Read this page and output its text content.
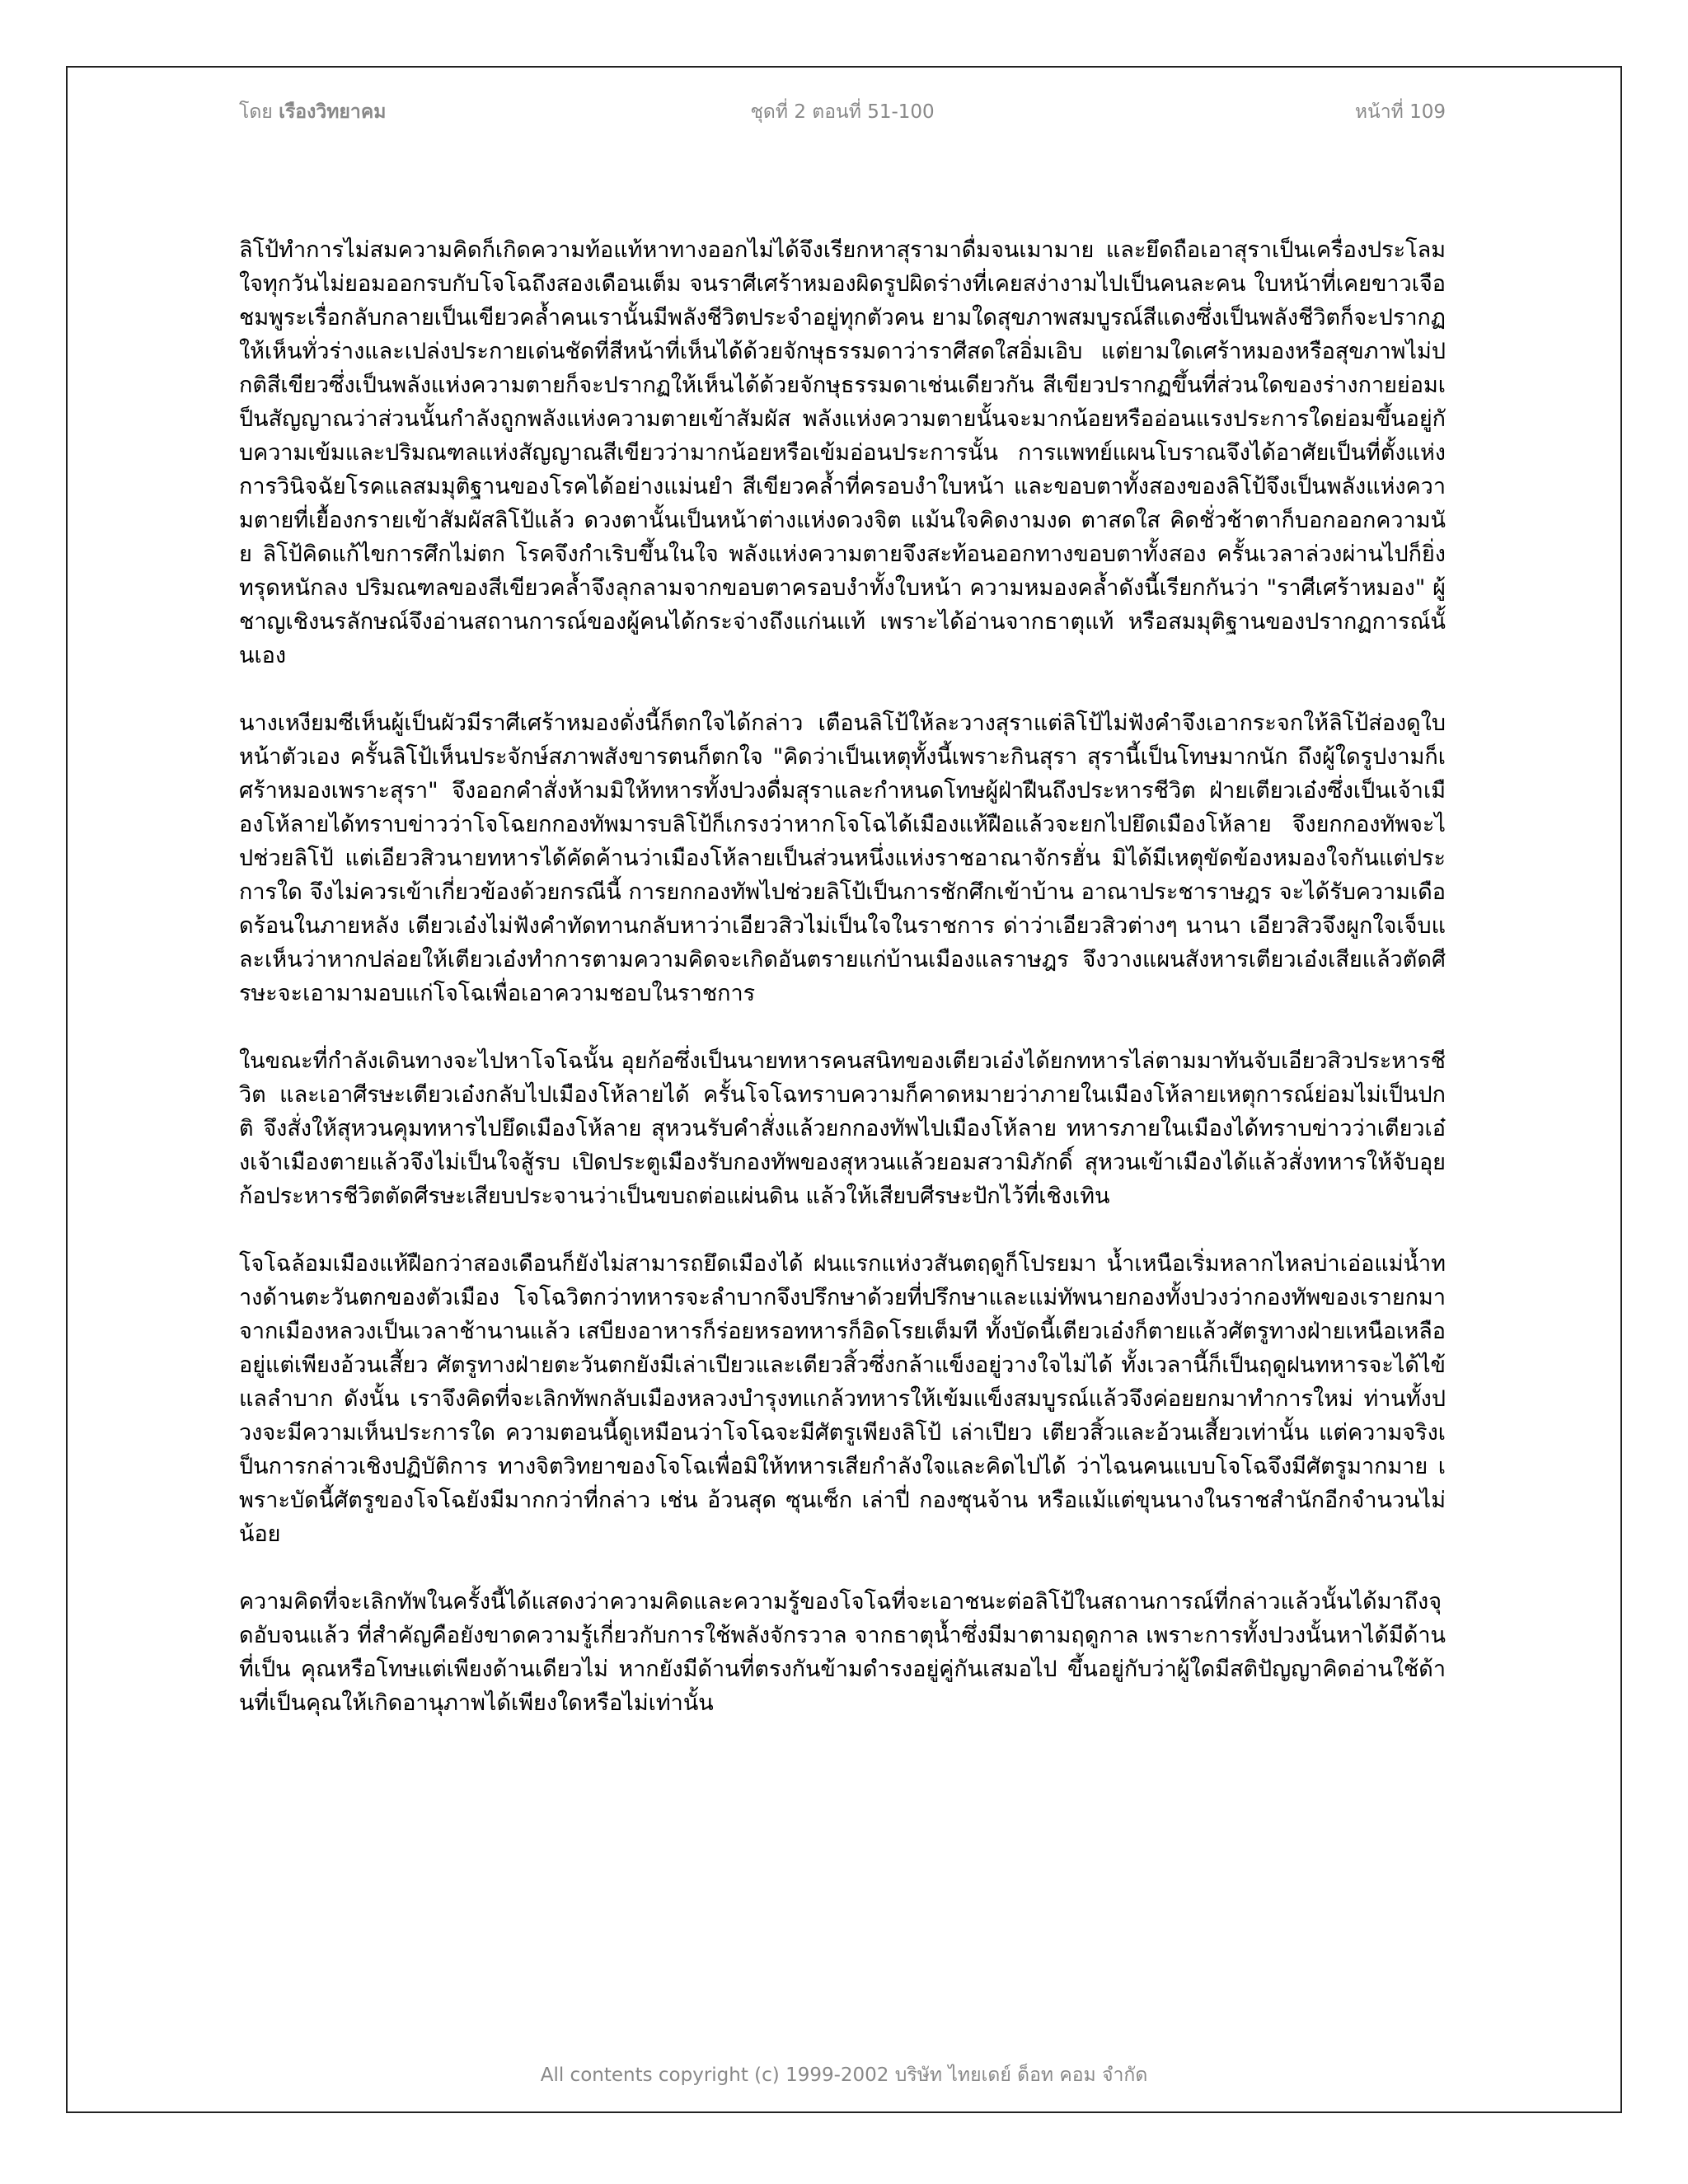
โดย เรืองวิทยาคม	ชุดที่ 2 ตอนที่ 51-100	หน้าที่ 109

ลิโป้ทำการไม่สมความคิดก็เกิดความท้อแท้หาทางออกไม่ได้จึงเรียกหาสุรามาดื่มจนเมามาย และยึดถือเอาสุราเป็นเครื่องประโลมใจทุกวันไม่ยอมออกรบกับโจโฉถึงสองเดือนเต็ม จนราศีเศร้าหมองผิดรูปผิดร่างที่เคยสง่างามไปเป็นคนละคน ใบหน้าที่เคยขาวเจือชมพูระเรื่อกลับกลายเป็นเขียวคล้ำคนเรานั้นมีพลังชีวิตประจำอยู่ทุกตัวคน ยามใดสุขภาพสมบูรณ์สีแดงซึ่งเป็นพลังชีวิตก็จะปรากฏให้เห็นทั่วร่างและเปล่งประกายเด่นชัดที่สีหน้าที่เห็นได้ด้วยจักษุธรรมดาว่าราศีสดใสอิ่มเอิบ แต่ยามใดเศร้าหมองหรือสุขภาพไม่ปกติสีเขียวซึ่งเป็นพลังแห่งความตายก็จะปรากฏให้เห็นได้ด้วยจักษุธรรมดาเช่นเดียวกัน สีเขียวปรากฏขึ้นที่ส่วนใดของร่างกายย่อมเป็นสัญญาณว่าส่วนนั้นกำลังถูกพลังแห่งความตายเข้าสัมผัส พลังแห่งความตายนั้นจะมากน้อยหรืออ่อนแรงประการใดย่อมขึ้นอยู่กับความเข้มและปริมณฑลแห่งสัญญาณสีเขียวว่ามากน้อยหรือเข้มอ่อนประการนั้น การแพทย์แผนโบราณจึงได้อาศัยเป็นที่ตั้งแห่งการวินิจฉัยโรคแลสมมุติฐานของโรคได้อย่างแม่นยำ สีเขียวคล้ำที่ครอบงำใบหน้า และขอบตาทั้งสองของลิโป้จึงเป็นพลังแห่งความตายที่เยื้องกรายเข้าสัมผัสลิโป้แล้ว ดวงตานั้นเป็นหน้าต่างแห่งดวงจิต แม้นใจคิดงามงด ตาสดใส คิดชั่วช้าตาก็บอกออกความนัย ลิโป้คิดแก้ไขการศึกไม่ตก โรคจึงกำเริบขึ้นในใจ พลังแห่งความตายจึงสะท้อนออกทางขอบตาทั้งสอง ครั้นเวลาล่วงผ่านไปก็ยิ่งทรุดหนักลง ปริมณฑลของสีเขียวคล้ำจึงลุกลามจากขอบตาครอบงำทั้งใบหน้า ความหมองคล้ำดังนี้เรียกกันว่า "ราศีเศร้าหมอง" ผู้ชาญเชิงนรลักษณ์จึงอ่านสถานการณ์ของผู้คนได้กระจ่างถึงแก่นแท้ เพราะได้อ่านจากธาตุแท้ หรือสมมุติฐานของปรากฏการณ์นั้นเอง

นางเหงียมซีเห็นผู้เป็นผัวมีราศีเศร้าหมองดั่งนี้ก็ตกใจได้กล่าว เตือนลิโป้ให้ละวางสุราแต่ลิโป้ไม่ฟังคำจึงเอากระจกให้ลิโป้ส่องดูใบหน้าตัวเอง ครั้นลิโป้เห็นประจักษ์สภาพสังขารตนก็ตกใจ "คิดว่าเป็นเหตุทั้งนี้เพราะกินสุรา สุรานี้เป็นโทษมากนัก ถึงผู้ใดรูปงามก็เศร้าหมองเพราะสุรา" จึงออกคำสั่งห้ามมิให้ทหารทั้งปวงดื่มสุราและกำหนดโทษผู้ฝ่าฝืนถึงประหารชีวิต ฝ่ายเตียวเอ๋งซึ่งเป็นเจ้าเมืองโห้ลายได้ทราบข่าวว่าโจโฉยกกองทัพมารบลิโป้ก็เกรงว่าหากโจโฉได้เมืองแห้ฝือแล้วจะยกไปยึดเมืองโห้ลาย จึงยกกองทัพจะไปช่วยลิโป้ แต่เอียวสิวนายทหารได้คัดค้านว่าเมืองโห้ลายเป็นส่วนหนึ่งแห่งราชอาณาจักรฮั่น มิได้มีเหตุขัดข้องหมองใจกันแต่ประการใด จึงไม่ควรเข้าเกี่ยวข้องด้วยกรณีนี้ การยกกองทัพไปช่วยลิโป้เป็นการชักศึกเข้าบ้าน อาณาประชาราษฎร จะได้รับความเดือดร้อนในภายหลัง เตียวเอ๋งไม่ฟังคำทัดทานกลับหาว่าเอียวสิวไม่เป็นใจในราชการ ด่าว่าเอียวสิวต่างๆ นานา เอียวสิวจึงผูกใจเจ็บและเห็นว่าหากปล่อยให้เตียวเอ๋งทำการตามความคิดจะเกิดอันตรายแก่บ้านเมืองแลราษฎร จึงวางแผนสังหารเตียวเอ๋งเสียแล้วตัดศีรษะจะเอามามอบแก่โจโฉเพื่อเอาความชอบในราชการ

ในขณะที่กำลังเดินทางจะไปหาโจโฉนั้น อุยก้อซึ่งเป็นนายทหารคนสนิทของเตียวเอ๋งได้ยกทหารไล่ตามมาทันจับเอียวสิวประหารชีวิต และเอาศีรษะเตียวเอ๋งกลับไปเมืองโห้ลายได้ ครั้นโจโฉทราบความก็คาดหมายว่าภายในเมืองโห้ลายเหตุการณ์ย่อมไม่เป็นปกติ จึงสั่งให้สุหวนคุมทหารไปยึดเมืองโห้ลาย สุหวนรับคำสั่งแล้วยกกองทัพไปเมืองโห้ลาย ทหารภายในเมืองได้ทราบข่าวว่าเตียวเอ๋งเจ้าเมืองตายแล้วจึงไม่เป็นใจสู้รบ เปิดประตูเมืองรับกองทัพของสุหวนแล้วยอมสวามิภักดิ์ สุหวนเข้าเมืองได้แล้วสั่งทหารให้จับอุยก้อประหารชีวิตตัดศีรษะเสียบประจานว่าเป็นขบถต่อแผ่นดิน แล้วให้เสียบศีรษะปักไว้ที่เชิงเทิน

โจโฉล้อมเมืองแห้ฝือกว่าสองเดือนก็ยังไม่สามารถยึดเมืองได้ ฝนแรกแห่งวสันตฤดูก็โปรยมา น้ำเหนือเริ่มหลากไหลบ่าเอ่อแม่น้ำทางด้านตะวันตกของตัวเมือง โจโฉวิตกว่าทหารจะลำบากจึงปรึกษาด้วยที่ปรึกษาและแม่ทัพนายกองทั้งปวงว่ากองทัพของเรายกมาจากเมืองหลวงเป็นเวลาช้านานแล้ว เสบียงอาหารก็ร่อยหรอทหารก็อิดโรยเต็มที ทั้งบัดนี้เตียวเอ๋งก็ตายแล้วศัตรูทางฝ่ายเหนือเหลืออยู่แต่เพียงอ้วนเสี้ยว ศัตรูทางฝ่ายตะวันตกยังมีเล่าเปียวและเตียวสิ้วซึ่งกล้าแข็งอยู่วางใจไม่ได้ ทั้งเวลานี้ก็เป็นฤดูฝนทหารจะได้ไข้แลลำบาก ดังนั้น เราจึงคิดที่จะเลิกทัพกลับเมืองหลวงบำรุงทแกล้วทหารให้เข้มแข็งสมบูรณ์แล้วจึงค่อยยกมาทำการใหม่ ท่านทั้งปวงจะมีความเห็นประการใด ความตอนนี้ดูเหมือนว่าโจโฉจะมีศัตรูเพียงลิโป้ เล่าเปียว เตียวสิ้วและอ้วนเสี้ยวเท่านั้น แต่ความจริงเป็นการกล่าวเชิงปฏิบัติการ ทางจิตวิทยาของโจโฉเพื่อมิให้ทหารเสียกำลังใจและคิดไปได้ ว่าไฉนคนแบบโจโฉจึงมีศัตรูมากมาย เพราะบัดนี้ศัตรูของโจโฉยังมีมากกว่าที่กล่าว เช่น อ้วนสุด ซุนเซ็ก เล่าปี่ กองซุนจ้าน หรือแม้แต่ขุนนางในราชสำนักอีกจำนวนไม่น้อย

ความคิดที่จะเลิกทัพในครั้งนี้ได้แสดงว่าความคิดและความรู้ของโจโฉที่จะเอาชนะต่อลิโป้ในสถานการณ์ที่กล่าวแล้วนั้นได้มาถึงจุดอับจนแล้ว ที่สำคัญคือยังขาดความรู้เกี่ยวกับการใช้พลังจักรวาล จากธาตุน้ำซึ่งมีมาตามฤดูกาล เพราะการทั้งปวงนั้นหาได้มีด้านที่เป็น คุณหรือโทษแต่เพียงด้านเดียวไม่ หากยังมีด้านที่ตรงกันข้ามดำรงอยู่คู่กันเสมอไป ขึ้นอยู่กับว่าผู้ใดมีสติปัญญาคิดอ่านใช้ด้านที่เป็นคุณให้เกิดอานุภาพได้เพียงใดหรือไม่เท่านั้น

All contents copyright (c) 1999-2002 บริษัท ไทยเดย์ ด็อท คอม จำกัด
